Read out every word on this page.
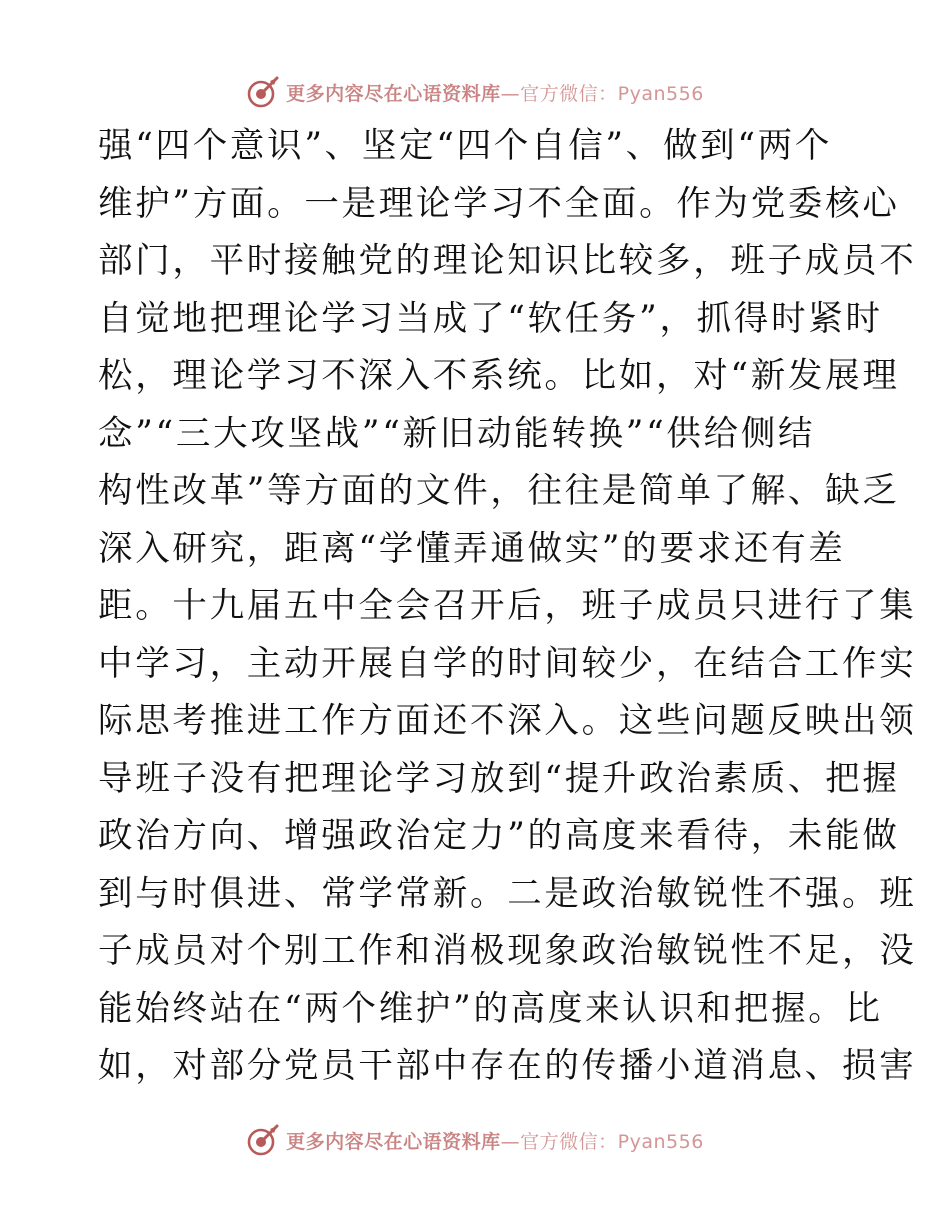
更多内容尽在心语资料库—官方微信：Pyan556
强“四个意识”、坚定“四个自信”、做到“两个
维护”方面。一是理论学习不全面。作为党委核心
部门，平时接触党的理论知识比较多，班子成员不
自觉地把理论学习当成了“软任务”，抓得时紧时
松，理论学习不深入不系统。比如，对“新发展理
念”“三大攻坚战”“新旧动能转换”“供给侧结
构性改革”等方面的文件，往往是简单了解、缺乏
深入研究，距离“学懂弄通做实”的要求还有差
距。十九届五中全会召开后，班子成员只进行了集
中学习，主动开展自学的时间较少，在结合工作实
际思考推进工作方面还不深入。这些问题反映出领
导班子没有把理论学习放到“提升政治素质、把握
政治方向、增强政治定力”的高度来看待，未能做
到与时俱进、常学常新。二是政治敏锐性不强。班
子成员对个别工作和消极现象政治敏锐性不足，没
能始终站在“两个维护”的高度来认识和把握。比
如，对部分党员干部中存在的传播小道消息、损害
更多内容尽在心语资料库—官方微信：Pyan556
